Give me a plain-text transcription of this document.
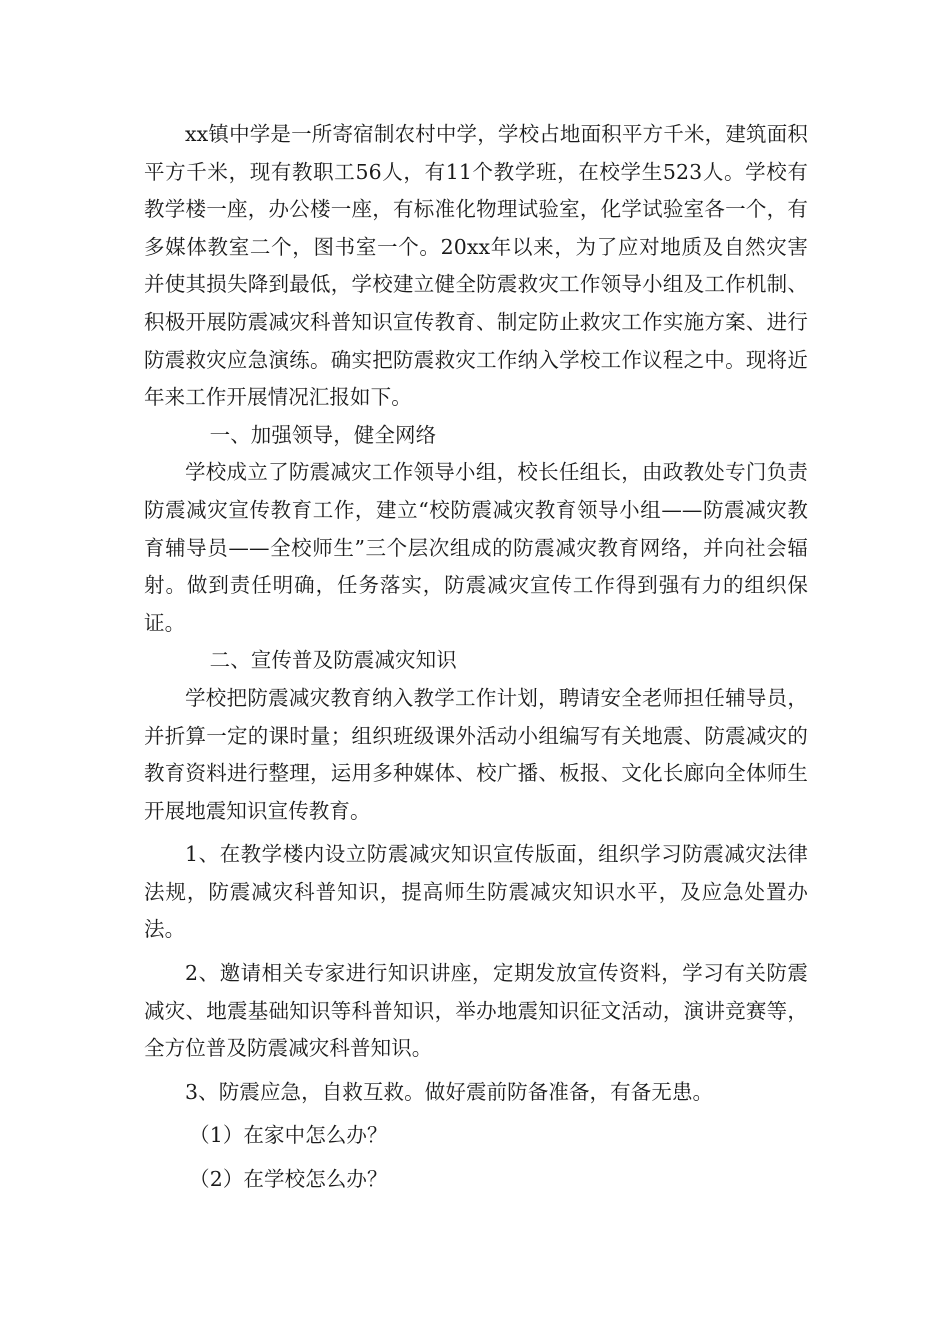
xx镇中学是一所寄宿制农村中学，学校占地面积平方千米，建筑面积平方千米，现有教职工56人，有11个教学班，在校学生523人。学校有教学楼一座，办公楼一座，有标准化物理试验室，化学试验室各一个，有多媒体教室二个，图书室一个。20xx年以来，为了应对地质及自然灾害并使其损失降到最低，学校建立健全防震救灾工作领导小组及工作机制、积极开展防震减灾科普知识宣传教育、制定防止救灾工作实施方案、进行防震救灾应急演练。确实把防震救灾工作纳入学校工作议程之中。现将近年来工作开展情况汇报如下。

一、加强领导，健全网络

学校成立了防震减灾工作领导小组，校长任组长，由政教处专门负责防震减灾宣传教育工作，建立“校防震减灾教育领导小组——防震减灾教育辅导员——全校师生”三个层次组成的防震减灾教育网络，并向社会辐射。做到责任明确，任务落实，防震减灾宣传工作得到强有力的组织保证。

二、宣传普及防震减灾知识

学校把防震减灾教育纳入教学工作计划，聘请安全老师担任辅导员，并折算一定的课时量；组织班级课外活动小组编写有关地震、防震减灾的教育资料进行整理，运用多种媒体、校广播、板报、文化长廊向全体师生开展地震知识宣传教育。

1、在教学楼内设立防震减灾知识宣传版面，组织学习防震减灾法律法规，防震减灾科普知识，提高师生防震减灾知识水平，及应急处置办法。

2、邀请相关专家进行知识讲座，定期发放宣传资料，学习有关防震减灾、地震基础知识等科普知识，举办地震知识征文活动，演讲竞赛等，全方位普及防震减灾科普知识。

3、防震应急，自救互救。做好震前防备准备，有备无患。

（1）在家中怎么办？

（2）在学校怎么办？
